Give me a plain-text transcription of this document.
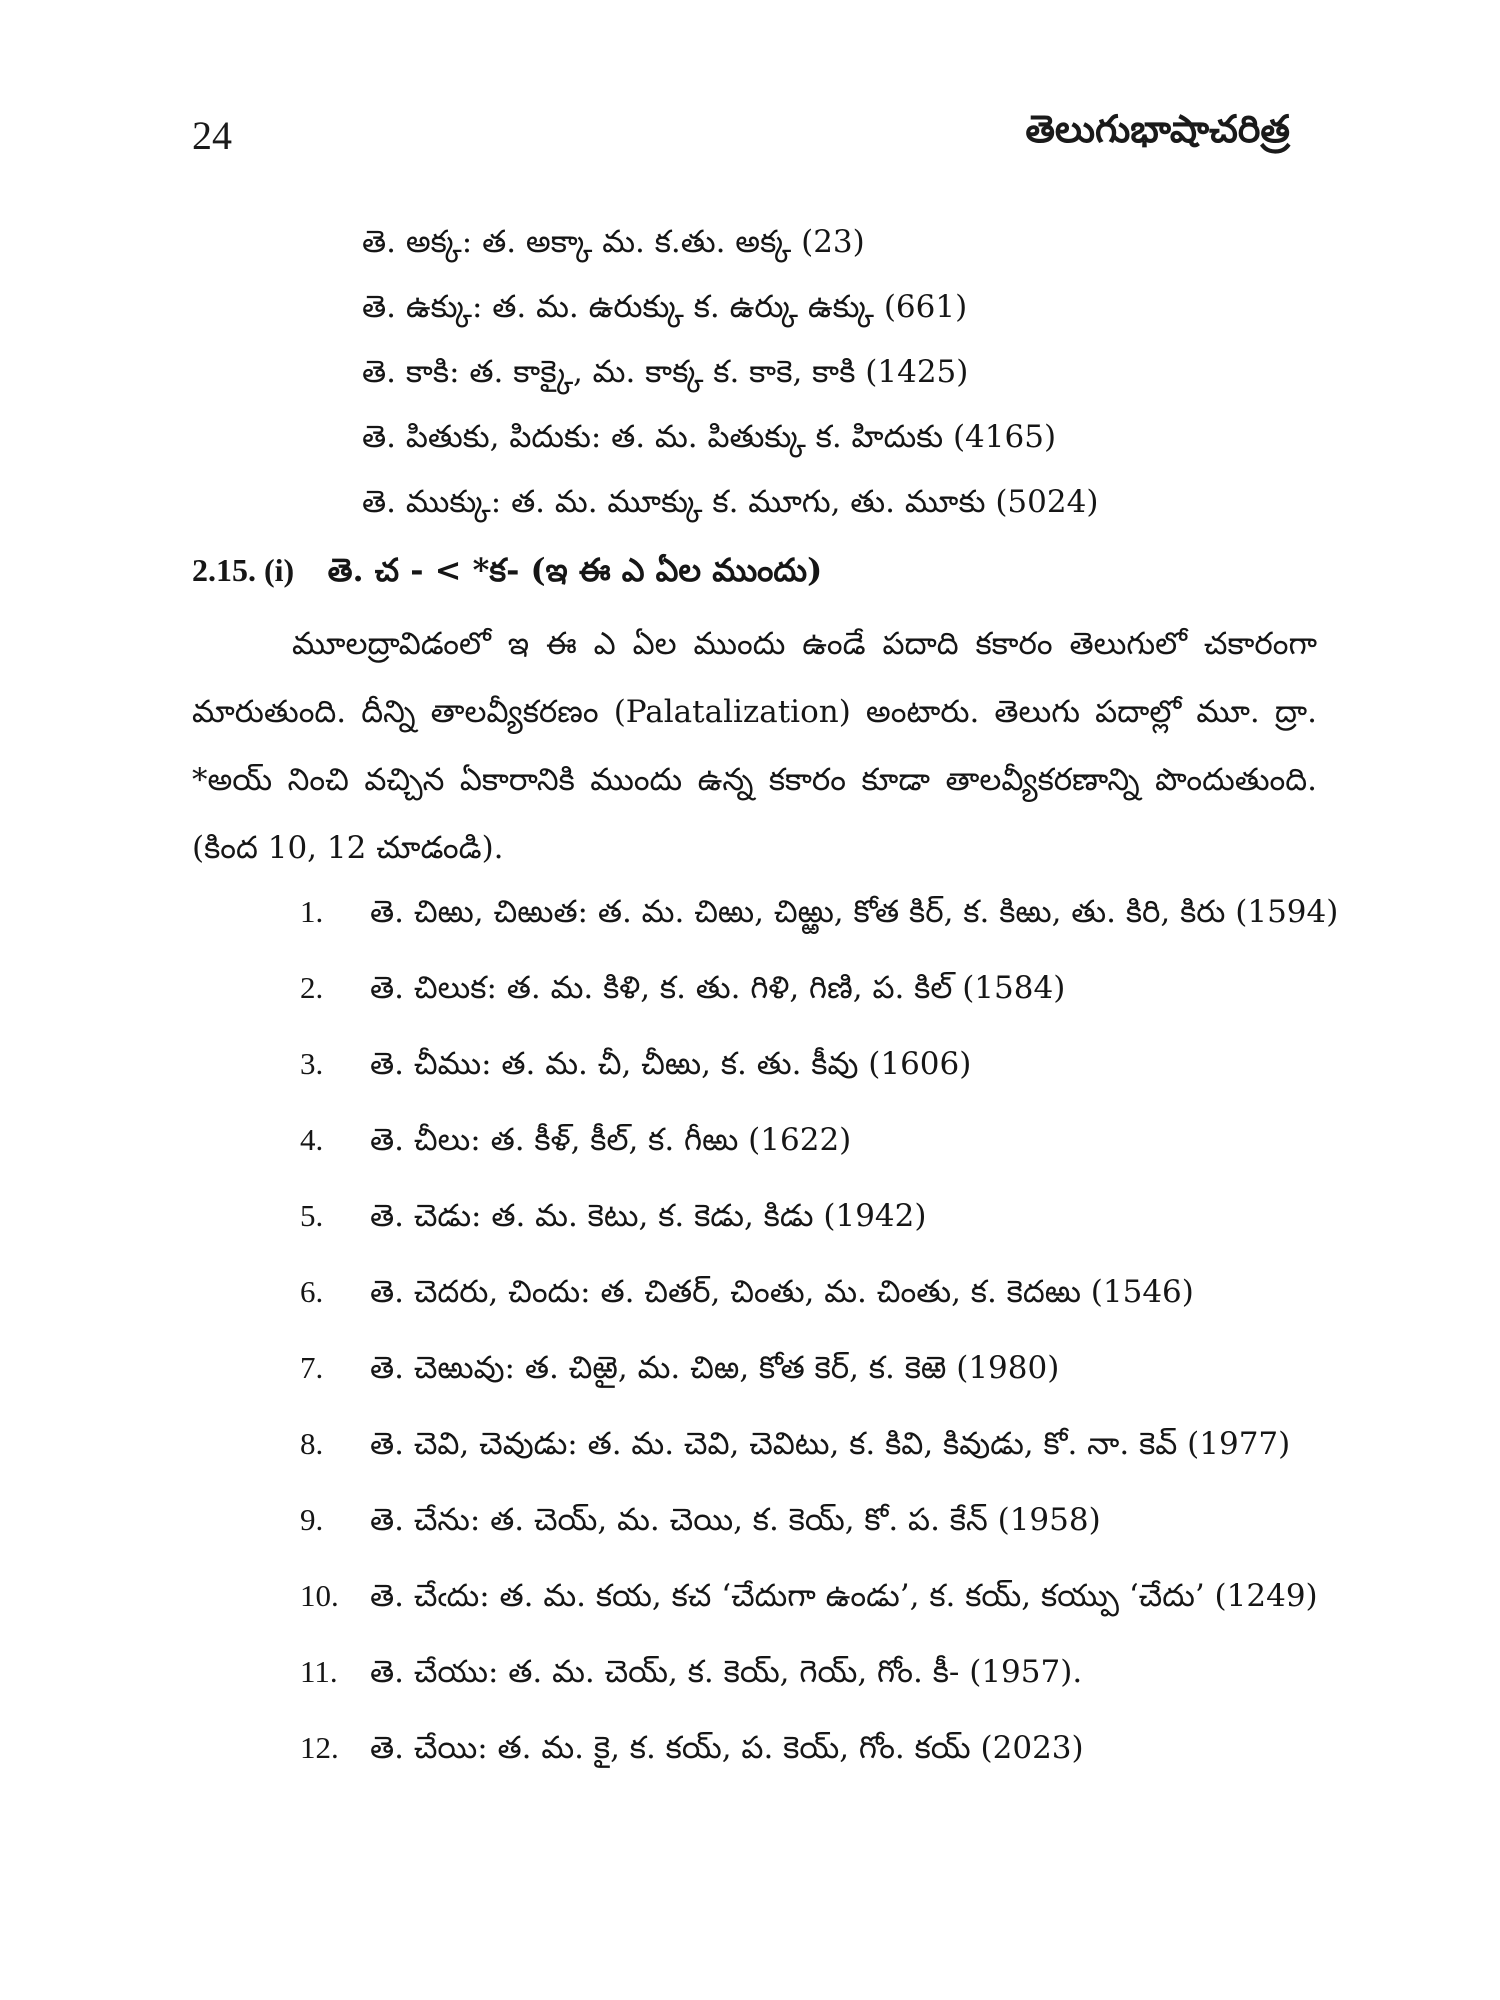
24	తెలుగుభాషాచరిత్ర
తె. అక్క: త. అక్కా మ. క.తు. అక్క (23)
తె. ఉక్కు: త. మ. ఉరుక్కు క. ఉర్కు ఉక్కు (661)
తె. కాకి: త. కాక్కై, మ. కాక్క క. కాకె, కాకి (1425)
తె. పితుకు, పిదుకు: త. మ. పితుక్కు క. హిదుకు (4165)
తె. ముక్కు: త. మ. మూక్కు క. మూగు, తు. మూకు (5024)
2.15. (i) తె. చ - < *క- (ఇ ఈ ఎ ఏల ముందు)
మూలద్రావిడంలో ఇ ఈ ఎ ఏల ముందు ఉండే పదాది కకారం తెలుగులో చకారంగా మారుతుంది. దీన్ని తాలవ్యీకరణం (Palatalization) అంటారు. తెలుగు పదాల్లో మూ. ద్రా. *అయ్ నించి వచ్చిన ఏకారానికి ముందు ఉన్న కకారం కూడా తాలవ్యీకరణాన్ని పొందుతుంది. (కింద 10, 12 చూడండి).
1.	తె. చిఱు, చిఱుత: త. మ. చిఱు, చిఱ్ఱు, కోత కిర్, క. కిఱు, తు. కిరి, కిరు (1594)
2.	తె. చిలుక: త. మ. కిళి, క. తు. గిళి, గిణి, ప. కిల్ (1584)
3.	తె. చీము: త. మ. చీ, చీఱు, క. తు. కీవు (1606)
4.	తె. చీలు: త. కీళ్, కీల్, క. గీఱు (1622)
5.	తె. చెడు: త. మ. కెటు, క. కెడు, కిడు (1942)
6.	తె. చెదరు, చిందు: త. చితర్, చింతు, మ. చింతు, క. కెదఱు (1546)
7.	తె. చెఱువు: త. చిఱై, మ. చిఱ, కోత కెర్, క. కెఱె (1980)
8.	తె. చెవి, చెవుడు: త. మ. చెవి, చెవిటు, క. కివి, కివుడు, కో. నా. కెవ్ (1977)
9.	తె. చేను: త. చెయ్, మ. చెయి, క. కెయ్, కో. ప. కేన్ (1958)
10.	తె. చేఁదు: త. మ. కయ, కచ ‘చేదుగా ఉండు’, క. కయ్, కయ్పు ‘చేదు’ (1249)
11.	తె. చేయు: త. మ. చెయ్, క. కెయ్, గెయ్, గోం. కీ- (1957).
12.	తె. చేయి: త. మ. కై, క. కయ్, ప. కెయ్, గోం. కయ్ (2023)
